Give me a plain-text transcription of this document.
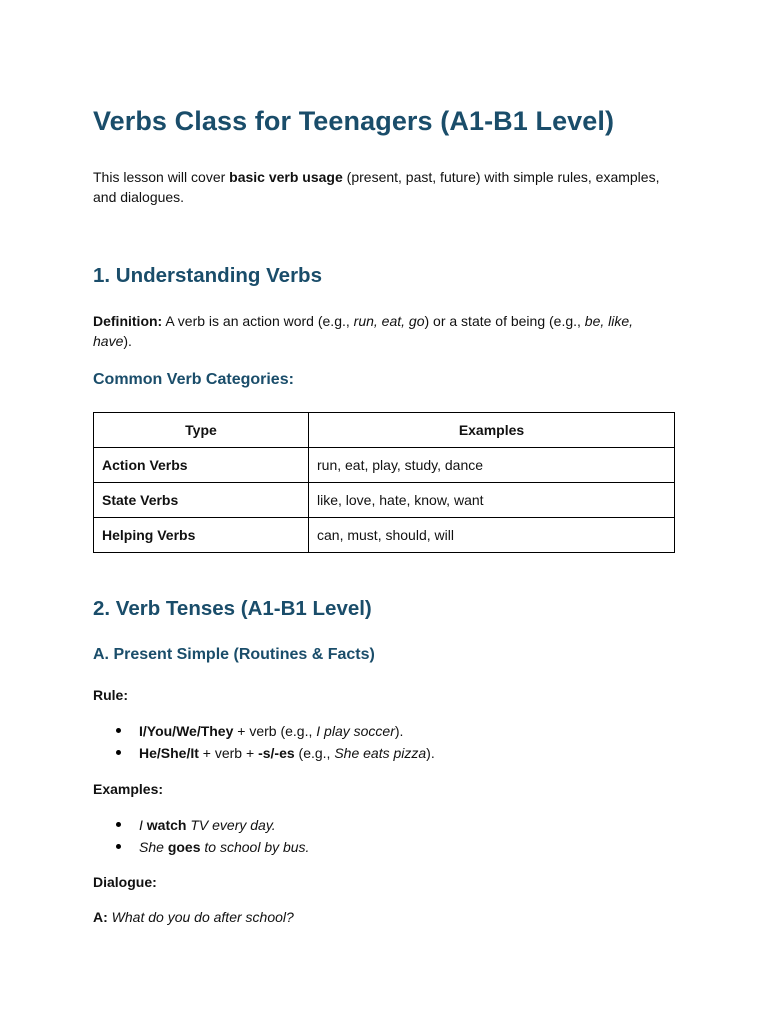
Verbs Class for Teenagers (A1-B1 Level)

This lesson will cover basic verb usage (present, past, future) with simple rules, examples, and dialogues.

1. Understanding Verbs

Definition: A verb is an action word (e.g., run, eat, go) or a state of being (e.g., be, like, have).

Common Verb Categories:
Type	Examples
Action Verbs	run, eat, play, study, dance
State Verbs	like, love, hate, know, want
Helping Verbs	can, must, should, will
2. Verb Tenses (A1-B1 Level)
A. Present Simple (Routines & Facts)

Rule:

I/You/We/They + verb (e.g., I play soccer).
He/She/It + verb + -s/-es (e.g., She eats pizza).

Examples:

I watch TV every day.
She goes to school by bus.

Dialogue:

A: What do you do after school?
